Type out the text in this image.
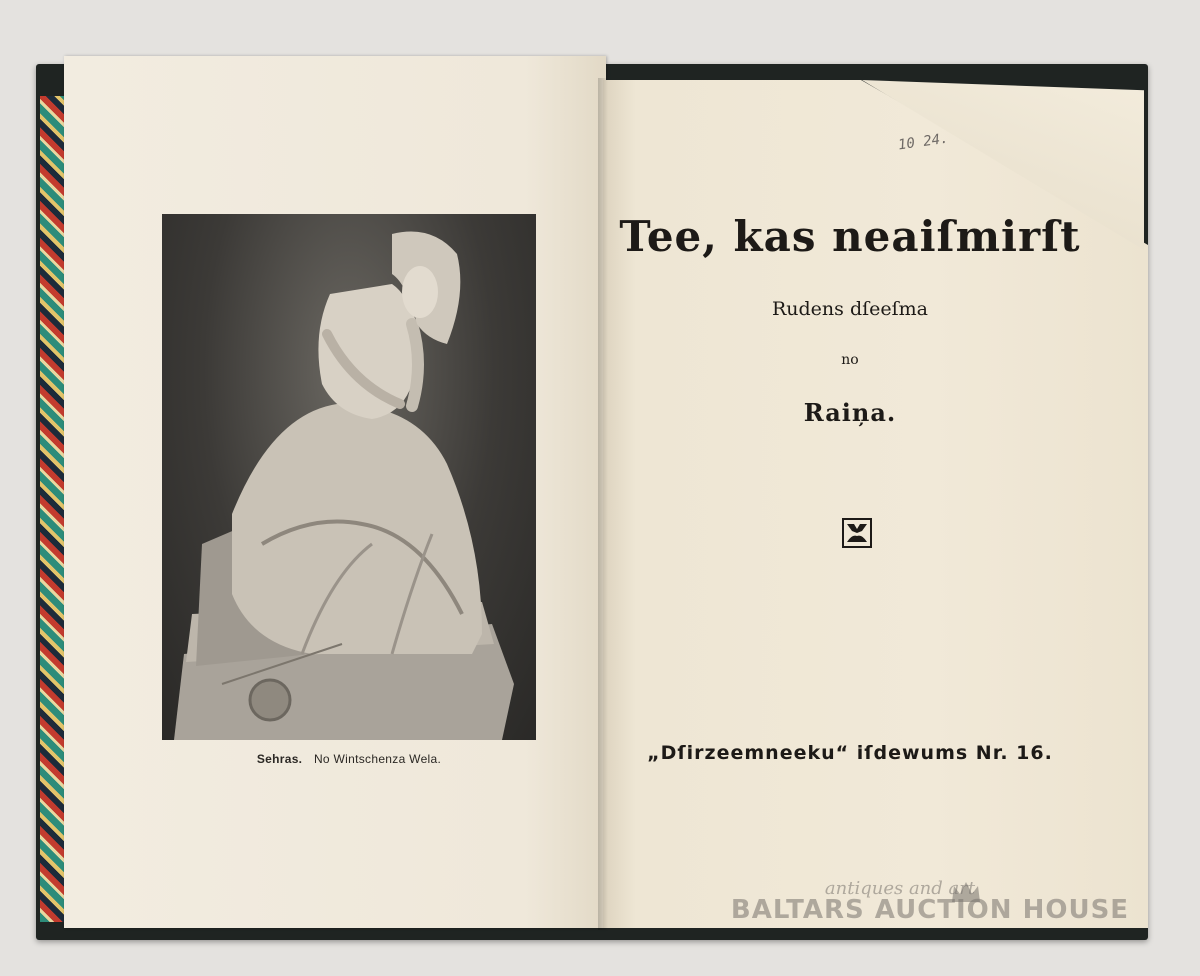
Sehras. No Wintschenza Wela.
10 24.
Tee, kas neaiſmirſt
Rudens dſeeſma
no
Raiņa.
„Dſirzeemneeku“ iſdewums Nr. 16.
antiques and art
BALTARS AUCTION HOUSE
